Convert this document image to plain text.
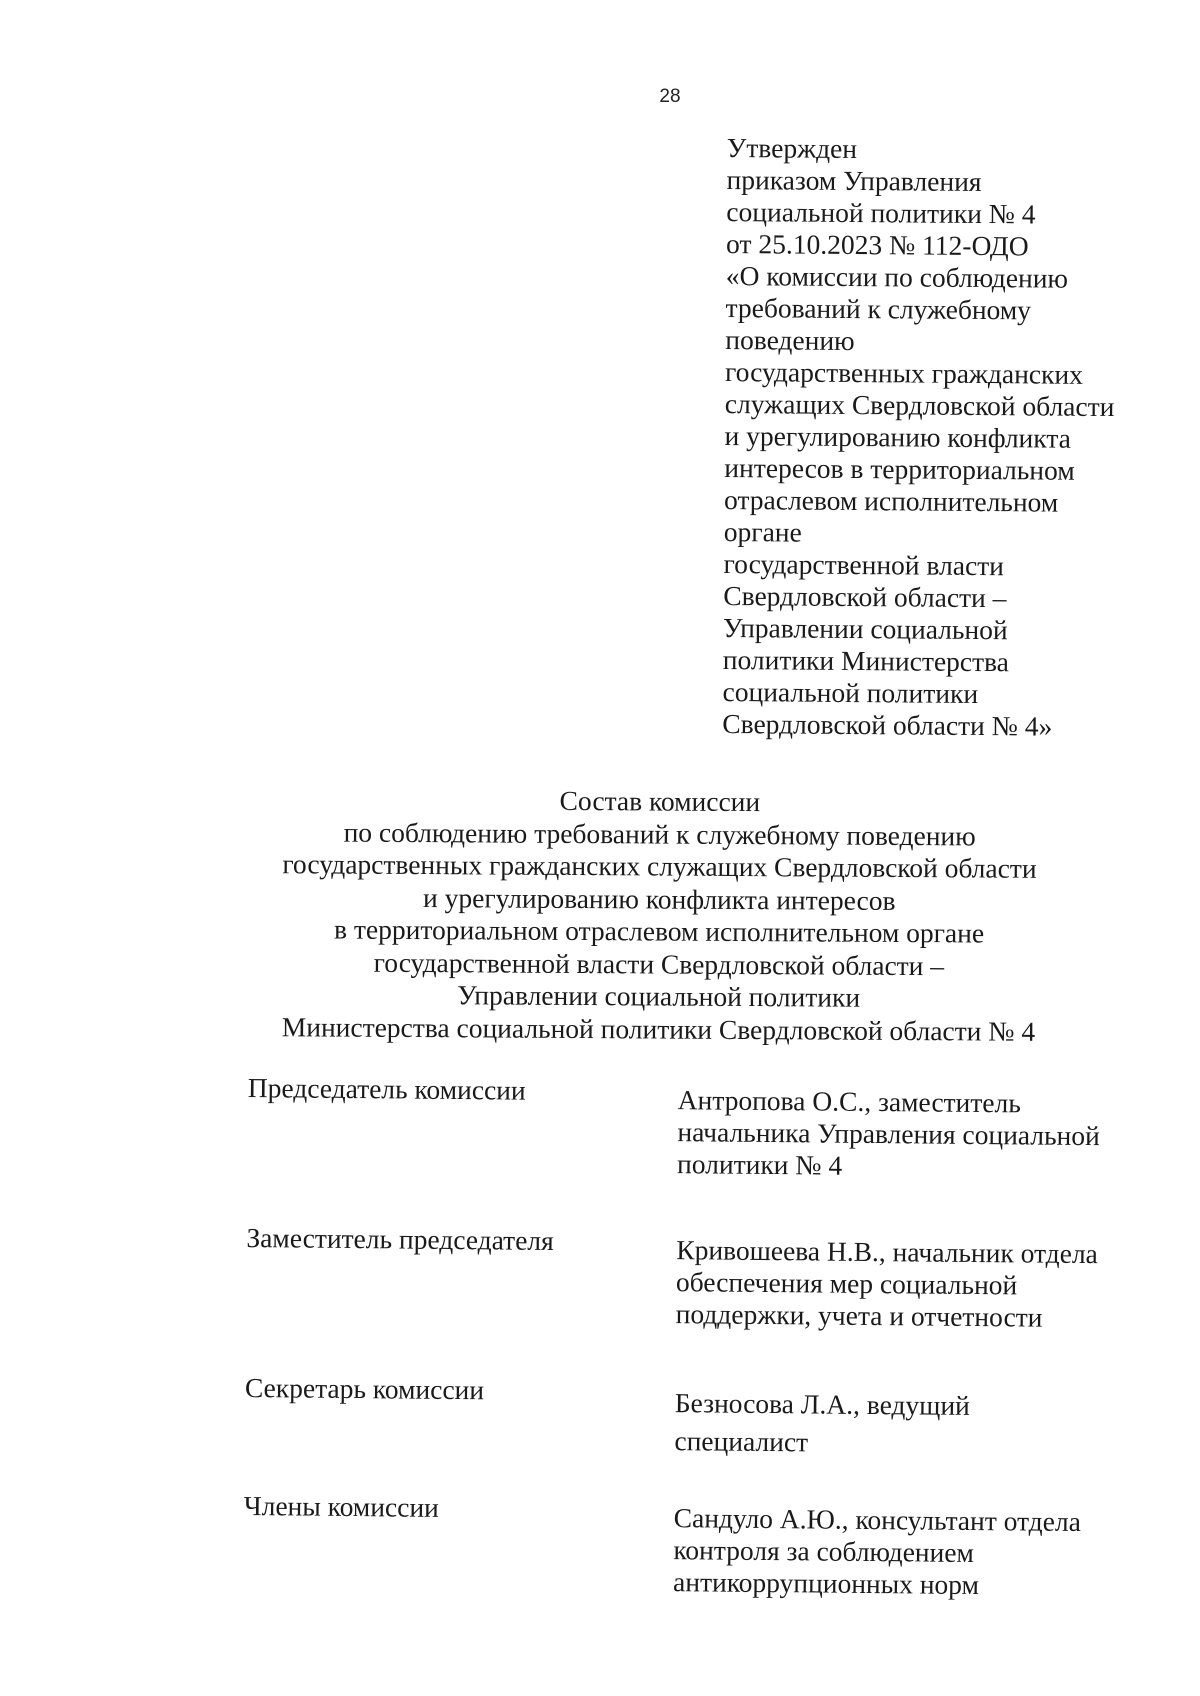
28
Утвержден
приказом Управления
социальной политики № 4
от 25.10.2023 № 112-ОДО
«О комиссии по соблюдению
требований к служебному
поведению
государственных гражданских
служащих Свердловской области
и урегулированию конфликта
интересов в территориальном
отраслевом исполнительном
органе
государственной власти
Свердловской области –
Управлении социальной
политики Министерства
социальной политики
Свердловской области № 4»
Состав комиссии
по соблюдению требований к служебному поведению
государственных гражданских служащих Свердловской области
и урегулированию конфликта интересов
в территориальном отраслевом исполнительном органе
государственной власти Свердловской области –
Управлении социальной политики
Министерства социальной политики Свердловской области № 4
Председатель комиссии	Антропова О.С., заместитель
начальника Управления социальной
политики № 4
Заместитель председателя	Кривошеева Н.В., начальник отдела
обеспечения мер социальной
поддержки, учета и отчетности
Секретарь комиссии	Безносова Л.А., ведущий
специалист
Члены комиссии	Сандуло А.Ю., консультант отдела
контроля за соблюдением
антикоррупционных норм
